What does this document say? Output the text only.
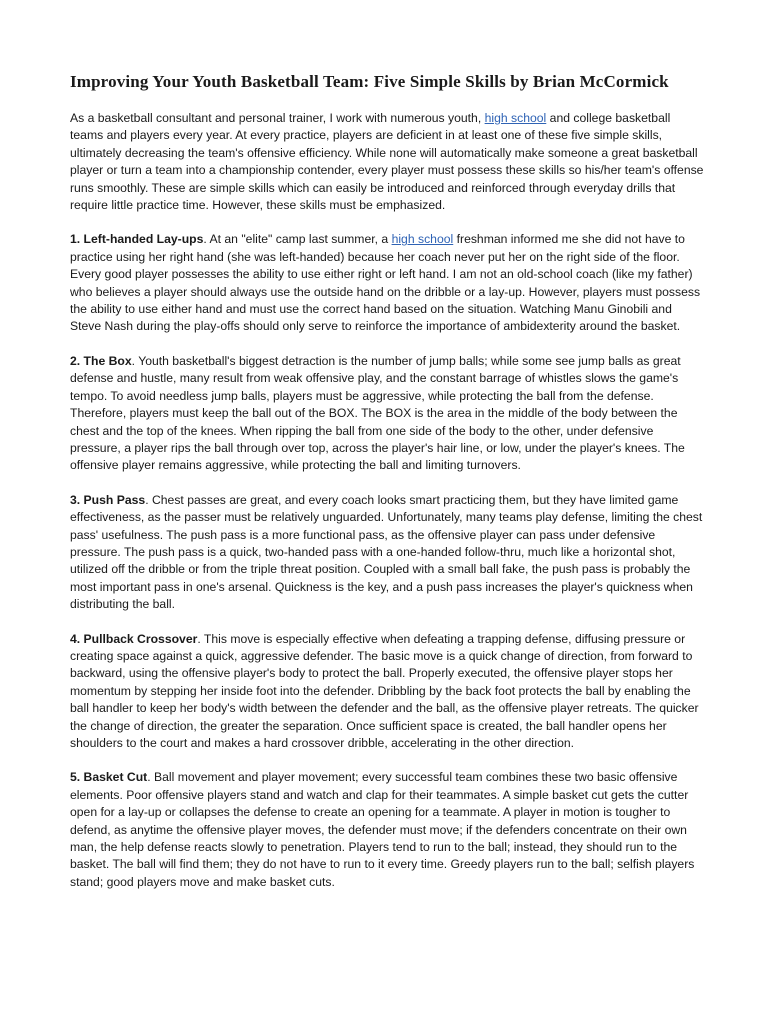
Improving Your Youth Basketball Team: Five Simple Skills by Brian McCormick

As a basketball consultant and personal trainer, I work with numerous youth, high school and college basketball teams and players every year. At every practice, players are deficient in at least one of these five simple skills, ultimately decreasing the team's offensive efficiency. While none will automatically make someone a great basketball player or turn a team into a championship contender, every player must possess these skills so his/her team's offense runs smoothly. These are simple skills which can easily be introduced and reinforced through everyday drills that require little practice time. However, these skills must be emphasized.

1. Left-handed Lay-ups. At an "elite" camp last summer, a high school freshman informed me she did not have to practice using her right hand (she was left-handed) because her coach never put her on the right side of the floor. Every good player possesses the ability to use either right or left hand. I am not an old-school coach (like my father) who believes a player should always use the outside hand on the dribble or a lay-up. However, players must possess the ability to use either hand and must use the correct hand based on the situation. Watching Manu Ginobili and Steve Nash during the play-offs should only serve to reinforce the importance of ambidexterity around the basket.

2. The Box. Youth basketball's biggest detraction is the number of jump balls; while some see jump balls as great defense and hustle, many result from weak offensive play, and the constant barrage of whistles slows the game's tempo. To avoid needless jump balls, players must be aggressive, while protecting the ball from the defense. Therefore, players must keep the ball out of the BOX. The BOX is the area in the middle of the body between the chest and the top of the knees. When ripping the ball from one side of the body to the other, under defensive pressure, a player rips the ball through over top, across the player's hair line, or low, under the player's knees. The offensive player remains aggressive, while protecting the ball and limiting turnovers.

3. Push Pass. Chest passes are great, and every coach looks smart practicing them, but they have limited game effectiveness, as the passer must be relatively unguarded. Unfortunately, many teams play defense, limiting the chest pass' usefulness. The push pass is a more functional pass, as the offensive player can pass under defensive pressure. The push pass is a quick, two-handed pass with a one-handed follow-thru, much like a horizontal shot, utilized off the dribble or from the triple threat position. Coupled with a small ball fake, the push pass is probably the most important pass in one's arsenal. Quickness is the key, and a push pass increases the player's quickness when distributing the ball.

4. Pullback Crossover. This move is especially effective when defeating a trapping defense, diffusing pressure or creating space against a quick, aggressive defender. The basic move is a quick change of direction, from forward to backward, using the offensive player's body to protect the ball. Properly executed, the offensive player stops her momentum by stepping her inside foot into the defender. Dribbling by the back foot protects the ball by enabling the ball handler to keep her body's width between the defender and the ball, as the offensive player retreats. The quicker the change of direction, the greater the separation. Once sufficient space is created, the ball handler opens her shoulders to the court and makes a hard crossover dribble, accelerating in the other direction.

5. Basket Cut. Ball movement and player movement; every successful team combines these two basic offensive elements. Poor offensive players stand and watch and clap for their teammates. A simple basket cut gets the cutter open for a lay-up or collapses the defense to create an opening for a teammate. A player in motion is tougher to defend, as anytime the offensive player moves, the defender must move; if the defenders concentrate on their own man, the help defense reacts slowly to penetration. Players tend to run to the ball; instead, they should run to the basket. The ball will find them; they do not have to run to it every time. Greedy players run to the ball; selfish players stand; good players move and make basket cuts.
